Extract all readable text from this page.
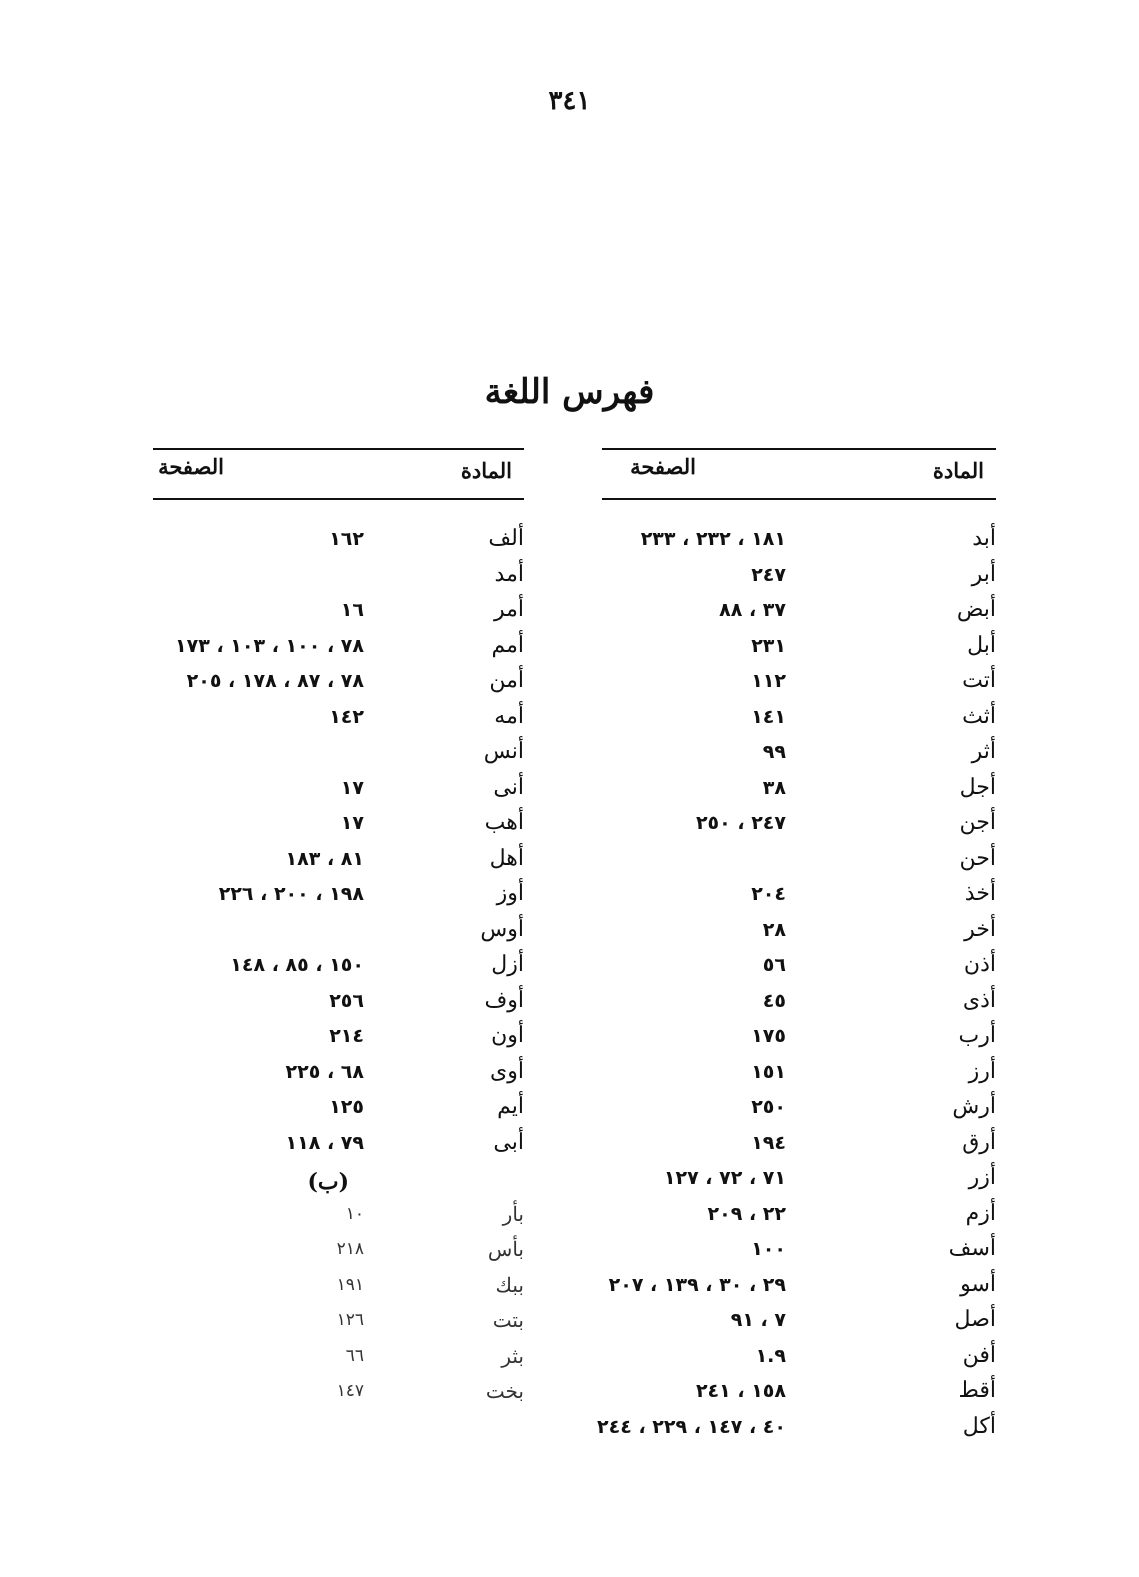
٣٤١
فهرس اللغة
المادة
الصفحة
أبد
١٨١ ، ٢٣٢ ، ٢٣٣
أبر
٢٤٧
أبض
٣٧ ، ٨٨
أبل
٢٣١
أتت
١١٢
أثث
١٤١
أثر
٩٩
أجل
٣٨
أجن
٢٤٧ ، ٢٥٠
أحن
أخذ
٢٠٤
أخر
٢٨
أذن
٥٦
أذى
٤٥
أرب
١٧٥
أرز
١٥١
أرش
٢٥٠
أرق
١٩٤
أزر
٧١ ، ٧٢ ، ١٢٧
أزم
٢٢ ، ٢٠٩
أسف
١٠٠
أسو
٢٩ ، ٣٠ ، ١٣٩ ، ٢٠٧
أصل
٧ ، ٩١
أفن
١.٩
أقط
١٥٨ ، ٢٤١
أكل
٤٠ ، ١٤٧ ، ٢٢٩ ، ٢٤٤
المادة
الصفحة
ألف
١٦٢
أمد
أمر
١٦
أمم
٧٨ ، ١٠٠ ، ١٠٣ ، ١٧٣
أمن
٧٨ ، ٨٧ ، ١٧٨ ، ٢٠٥
أمه
١٤٢
أنس
أنى
١٧
أهب
١٧
أهل
٨١ ، ١٨٣
أوز
١٩٨ ، ٢٠٠ ، ٢٢٦
أوس
أزل
١٥٠ ، ٨٥ ، ١٤٨
أوف
٢٥٦
أون
٢١٤
أوى
٦٨ ، ٢٢٥
أيم
١٢٥
أبى
٧٩ ، ١١٨
(ب)
بأر
١٠
بأس
٢١٨
ببك
١٩١
بتت
١٢٦
بثر
٦٦
بخت
١٤٧
